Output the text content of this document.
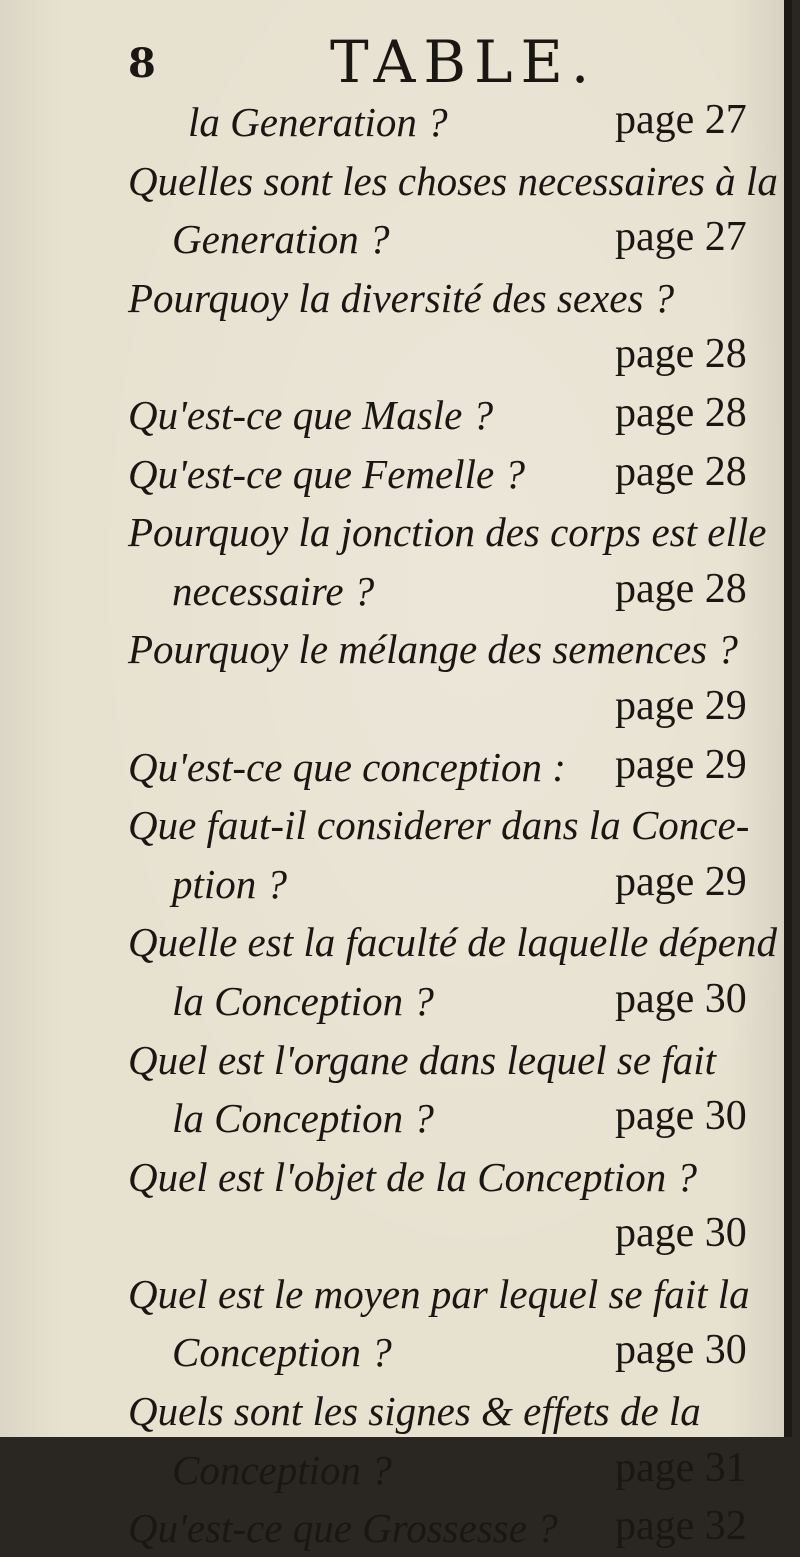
8	TABLE.
la Generation ?	page 27
Quelles sont les choses necessaires à la
Generation ?	page 27
Pourquoy la diversité des sexes ?
page 28
Qu'est-ce que Masle ?	page 28
Qu'est-ce que Femelle ? page 28
Pourquoy la jonction des corps est elle
necessaire ?	page 28
Pourquoy le mélange des semences ?
page 29
Qu'est-ce que conception : page 29
Que faut-il considerer dans la Conce-
ption ?	page 29
Quelle est la faculté de laquelle dépend
la Conception ?	page 30
Quel est l'organe dans lequel se fait
la Conception ?	page 30
Quel est l'objet de la Conception ?
page 30
Quel est le moyen par lequel se fait la
Conception ?	page 30
Quels sont les signes & effets de la
Conception ?	page 31
Qu'est-ce que Grossesse ? page 32
